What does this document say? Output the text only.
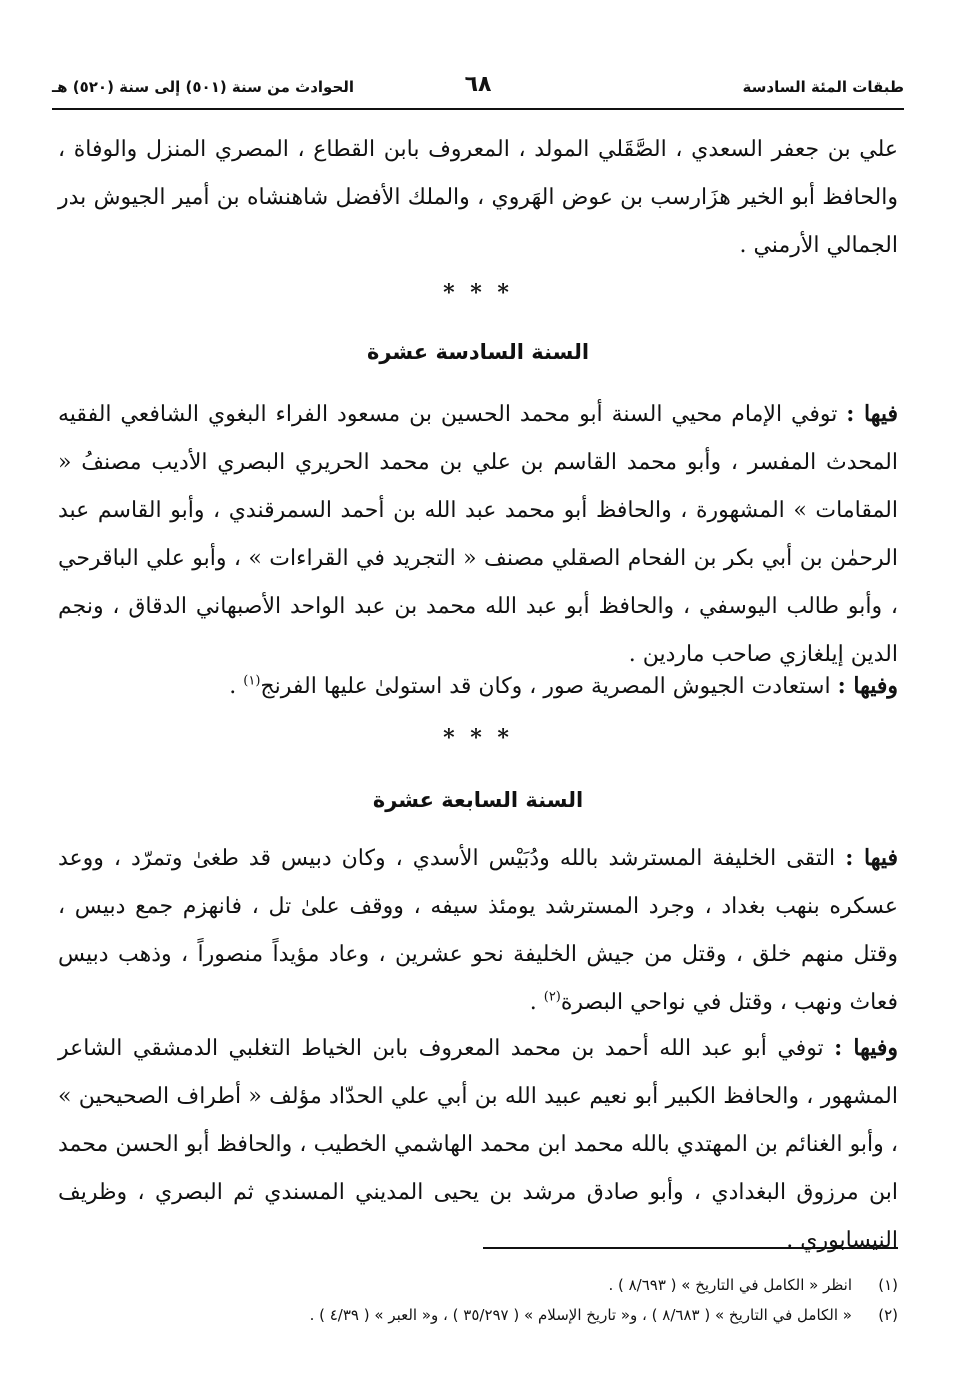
طبقات المئة السادسة
٦٨
الحوادث من سنة (٥٠١) إلى سنة (٥٢٠) هـ
علي بن جعفر السعدي ، الصَّقَلي المولد ، المعروف بابن القطاع ، المصري المنزل والوفاة ، والحافظ أبو الخير هزَارسب بن عوض الهَروي ، والملك الأفضل شاهنشاه بن أمير الجيوش بدر الجمالي الأرمني .
* * *
السنة السادسة عشرة
فيها : توفي الإمام محيي السنة أبو محمد الحسين بن مسعود الفراء البغوي الشافعي الفقيه المحدث المفسر ، وأبو محمد القاسم بن علي بن محمد الحريري البصري الأديب مصنفُ « المقامات » المشهورة ، والحافظ أبو محمد عبد الله بن أحمد السمرقندي ، وأبو القاسم عبد الرحمٰن بن أبي بكر بن الفحام الصقلي مصنف « التجريد في القراءات » ، وأبو علي الباقرحي ، وأبو طالب اليوسفي ، والحافظ أبو عبد الله محمد بن عبد الواحد الأصبهاني الدقاق ، ونجم الدين إيلغازي صاحب ماردين .
وفيها : استعادت الجيوش المصرية صور ، وكان قد استولىٰ عليها الفرنج$^{(١)}$ .
* * *
السنة السابعة عشرة
فيها : التقى الخليفة المسترشد بالله ودُبَيْس الأسدي ، وكان دبيس قد طغىٰ وتمرّد ، ووعد عسكره بنهب بغداد ، وجرد المسترشد يومئذ سيفه ، ووقف علىٰ تل ، فانهزم جمع دبيس ، وقتل منهم خلق ، وقتل من جيش الخليفة نحو عشرين ، وعاد مؤيداً منصوراً ، وذهب دبيس فعاث ونهب ، وقتل في نواحي البصرة$^{(٢)}$ .
وفيها : توفي أبو عبد الله أحمد بن محمد المعروف بابن الخياط التغلبي الدمشقي الشاعر المشهور ، والحافظ الكبير أبو نعيم عبيد الله بن أبي علي الحدّاد مؤلف « أطراف الصحيحين » ، وأبو الغنائم بن المهتدي بالله محمد ابن محمد الهاشمي الخطيب ، والحافظ أبو الحسن محمد ابن مرزوق البغدادي ، وأبو صادق مرشد بن يحيى المديني المسندي ثم البصري ، وظريف النيسابوري .
(١)
انظر « الكامل في التاريخ » ( ٨/٦٩٣ ) .
(٢)
« الكامل في التاريخ » ( ٨/٦٨٣ ) ، و« تاريخ الإسلام » ( ٣٥/٢٩٧ ) ، و« العبر » ( ٤/٣٩ ) .
